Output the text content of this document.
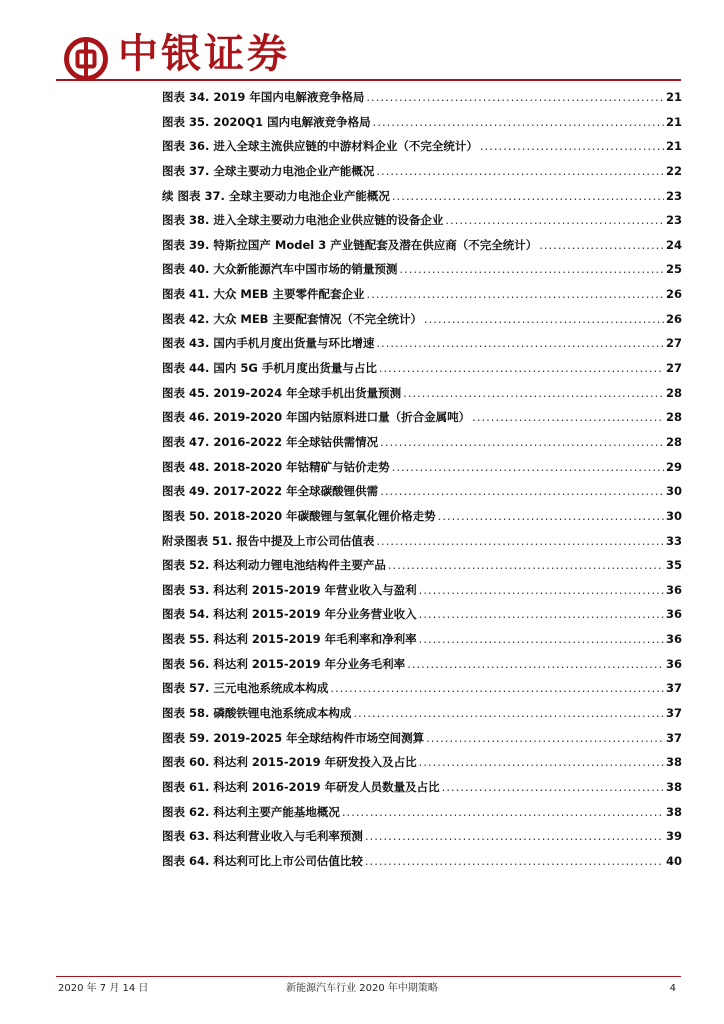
中银证券
图表 34. 2019 年国内电解液竞争格局 .....	21
图表 35. 2020Q1 国内电解液竞争格局 .....	21
图表 36. 进入全球主流供应链的中游材料企业（不完全统计） .....	21
图表 37. 全球主要动力电池企业产能概况 .....	22
续 图表 37. 全球主要动力电池企业产能概况 .....	23
图表 38. 进入全球主要动力电池企业供应链的设备企业 .....	23
图表 39. 特斯拉国产 Model 3 产业链配套及潜在供应商（不完全统计） .....	24
图表 40. 大众新能源汽车中国市场的销量预测 .....	25
图表 41. 大众 MEB 主要零件配套企业 .....	26
图表 42. 大众 MEB 主要配套情况（不完全统计） .....	26
图表 43. 国内手机月度出货量与环比增速 .....	27
图表 44. 国内 5G 手机月度出货量与占比 .....	27
图表 45. 2019-2024 年全球手机出货量预测 .....	28
图表 46. 2019-2020 年国内钴原料进口量（折合金属吨） .....	28
图表 47. 2016-2022 年全球钴供需情况 .....	28
图表 48. 2018-2020 年钴精矿与钴价走势 .....	29
图表 49. 2017-2022 年全球碳酸锂供需 .....	30
图表 50. 2018-2020 年碳酸锂与氢氧化锂价格走势 .....	30
附录图表 51. 报告中提及上市公司估值表 .....	33
图表 52. 科达利动力锂电池结构件主要产品 .....	35
图表 53. 科达利 2015-2019 年营业收入与盈利 .....	36
图表 54. 科达利 2015-2019 年分业务营业收入 .....	36
图表 55. 科达利 2015-2019 年毛利率和净利率 .....	36
图表 56. 科达利 2015-2019 年分业务毛利率 .....	36
图表 57. 三元电池系统成本构成 .....	37
图表 58. 磷酸铁锂电池系统成本构成 .....	37
图表 59. 2019-2025 年全球结构件市场空间测算 .....	37
图表 60. 科达利 2015-2019 年研发投入及占比 .....	38
图表 61. 科达利 2016-2019 年研发人员数量及占比 .....	38
图表 62. 科达利主要产能基地概况 .....	38
图表 63. 科达利营业收入与毛利率预测 .....	39
图表 64. 科达利可比上市公司估值比较 .....	40
2020 年 7 月 14 日	新能源汽车行业 2020 年中期策略	4
